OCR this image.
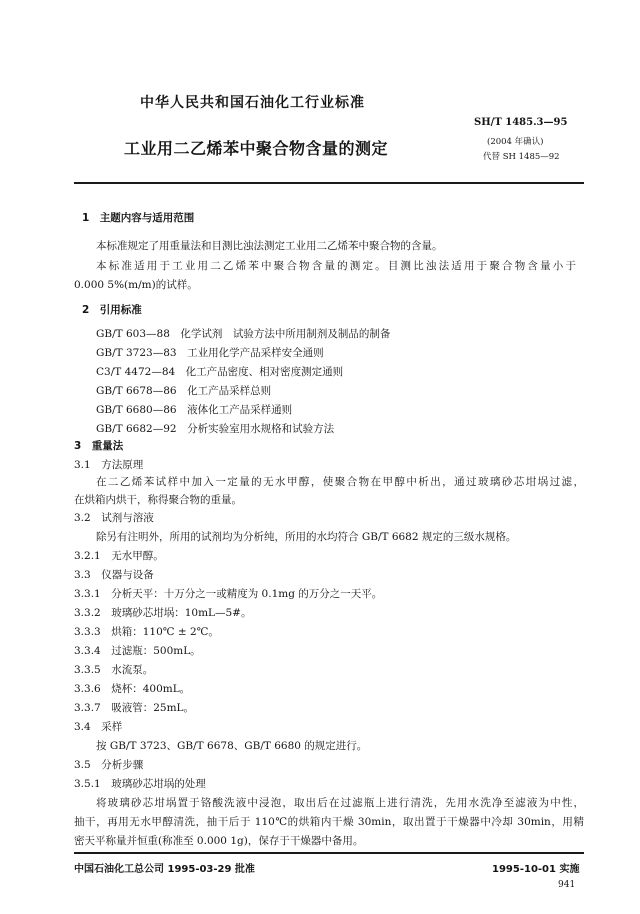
中华人民共和国石油化工行业标准
SH/T 1485.3—95
(2004 年确认)
代替 SH 1485—92
工业用二乙烯苯中聚合物含量的测定
1　主题内容与适用范围
本标准规定了用重量法和目测比浊法测定工业用二乙烯苯中聚合物的含量。
本标准适用于工业用二乙烯苯中聚合物含量的测定。目测比浊法适用于聚合物含量小于
0.000 5%(m/m)的试样。
2　引用标准
GB/T 603—88　化学试剂　试验方法中所用制剂及制品的制备
GB/T 3723—83　工业用化学产品采样安全通则
C3/T 4472—84　化工产品密度、相对密度测定通则
GB/T 6678—86　化工产品采样总则
GB/T 6680—86　液体化工产品采样通则
GB/T 6682—92　分析实验室用水规格和试验方法
3　重量法
3.1　方法原理
在二乙烯苯试样中加入一定量的无水甲醇，使聚合物在甲醇中析出，通过玻璃砂芯坩埚过滤，
在烘箱内烘干，称得聚合物的重量。
3.2　试剂与溶液
除另有注明外，所用的试剂均为分析纯，所用的水均符合 GB/T 6682 规定的三级水规格。
3.2.1　无水甲醇。
3.3　仪器与设备
3.3.1　分析天平：十万分之一或精度为 0.1mg 的万分之一天平。
3.3.2　玻璃砂芯坩埚：10mL—5#。
3.3.3　烘箱：110℃ ± 2℃。
3.3.4　过滤瓶：500mL。
3.3.5　水流泵。
3.3.6　烧杯：400mL。
3.3.7　吸液管：25mL。
3.4　采样
按 GB/T 3723、GB/T 6678、GB/T 6680 的规定进行。
3.5　分析步骤
3.5.1　玻璃砂芯坩埚的处理
将玻璃砂芯坩埚置于铬酸洗液中浸泡，取出后在过滤瓶上进行清洗，先用水洗净至滤液为中性，
抽干，再用无水甲醇清洗，抽干后于 110℃的烘箱内干燥 30min，取出置于干燥器中冷却 30min，用精
密天平称量并恒重(称准至 0.000 1g)，保存于干燥器中备用。
中国石油化工总公司 1995-03-29 批准	1995-10-01 实施
941
